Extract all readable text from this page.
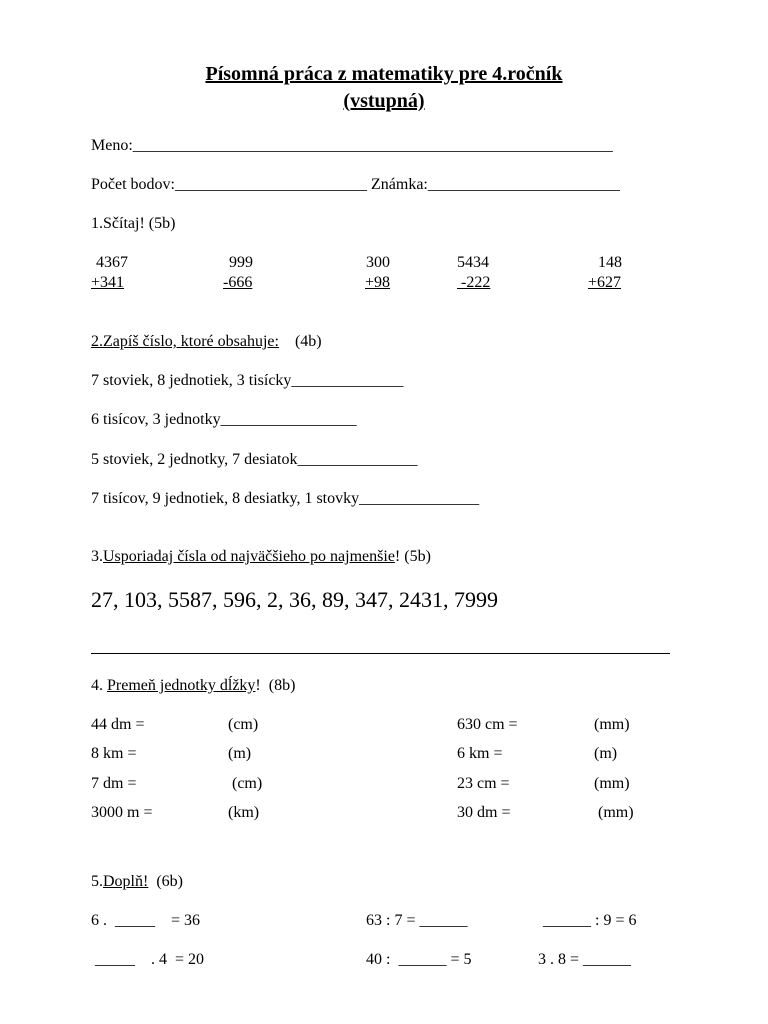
Písomná práca z matematiky pre 4.ročník
(vstupná)
Meno:____________________________________________________________
Počet bodov:________________________ Známka:________________________
1.Sčítaj! (5b)
4367
+341
999
-666
300
+98
5434
-222
148
+627
2.Zapíš číslo, ktoré obsahuje: (4b)
7 stoviek, 8 jednotiek, 3 tisícky______________
6 tisícov, 3 jednotky_________________
5 stoviek, 2 jednotky, 7 desiatok_______________
7 tisícov, 9 jednotiek, 8 desiatky, 1 stovky_______________
3.Usporiadaj čísla od najväčšieho po najmenšie! (5b)
27, 103, 5587, 596, 2, 36, 89, 347, 2431, 7999
4. Premeň jednotky dĺžky!  (8b)
44 dm =	(cm)	630 cm =	(mm)
8 km =	(m)	6 km =	(m)
7 dm =	(cm)	23 cm =	(mm)
3000 m =	(km)	30 dm =	(mm)
5.Doplň!  (6b)
6 .  _____    = 36	63 : 7 = ______	______ : 9 = 6
_____    . 4  = 20	40 :  ______ = 5	3 . 8 = ______
